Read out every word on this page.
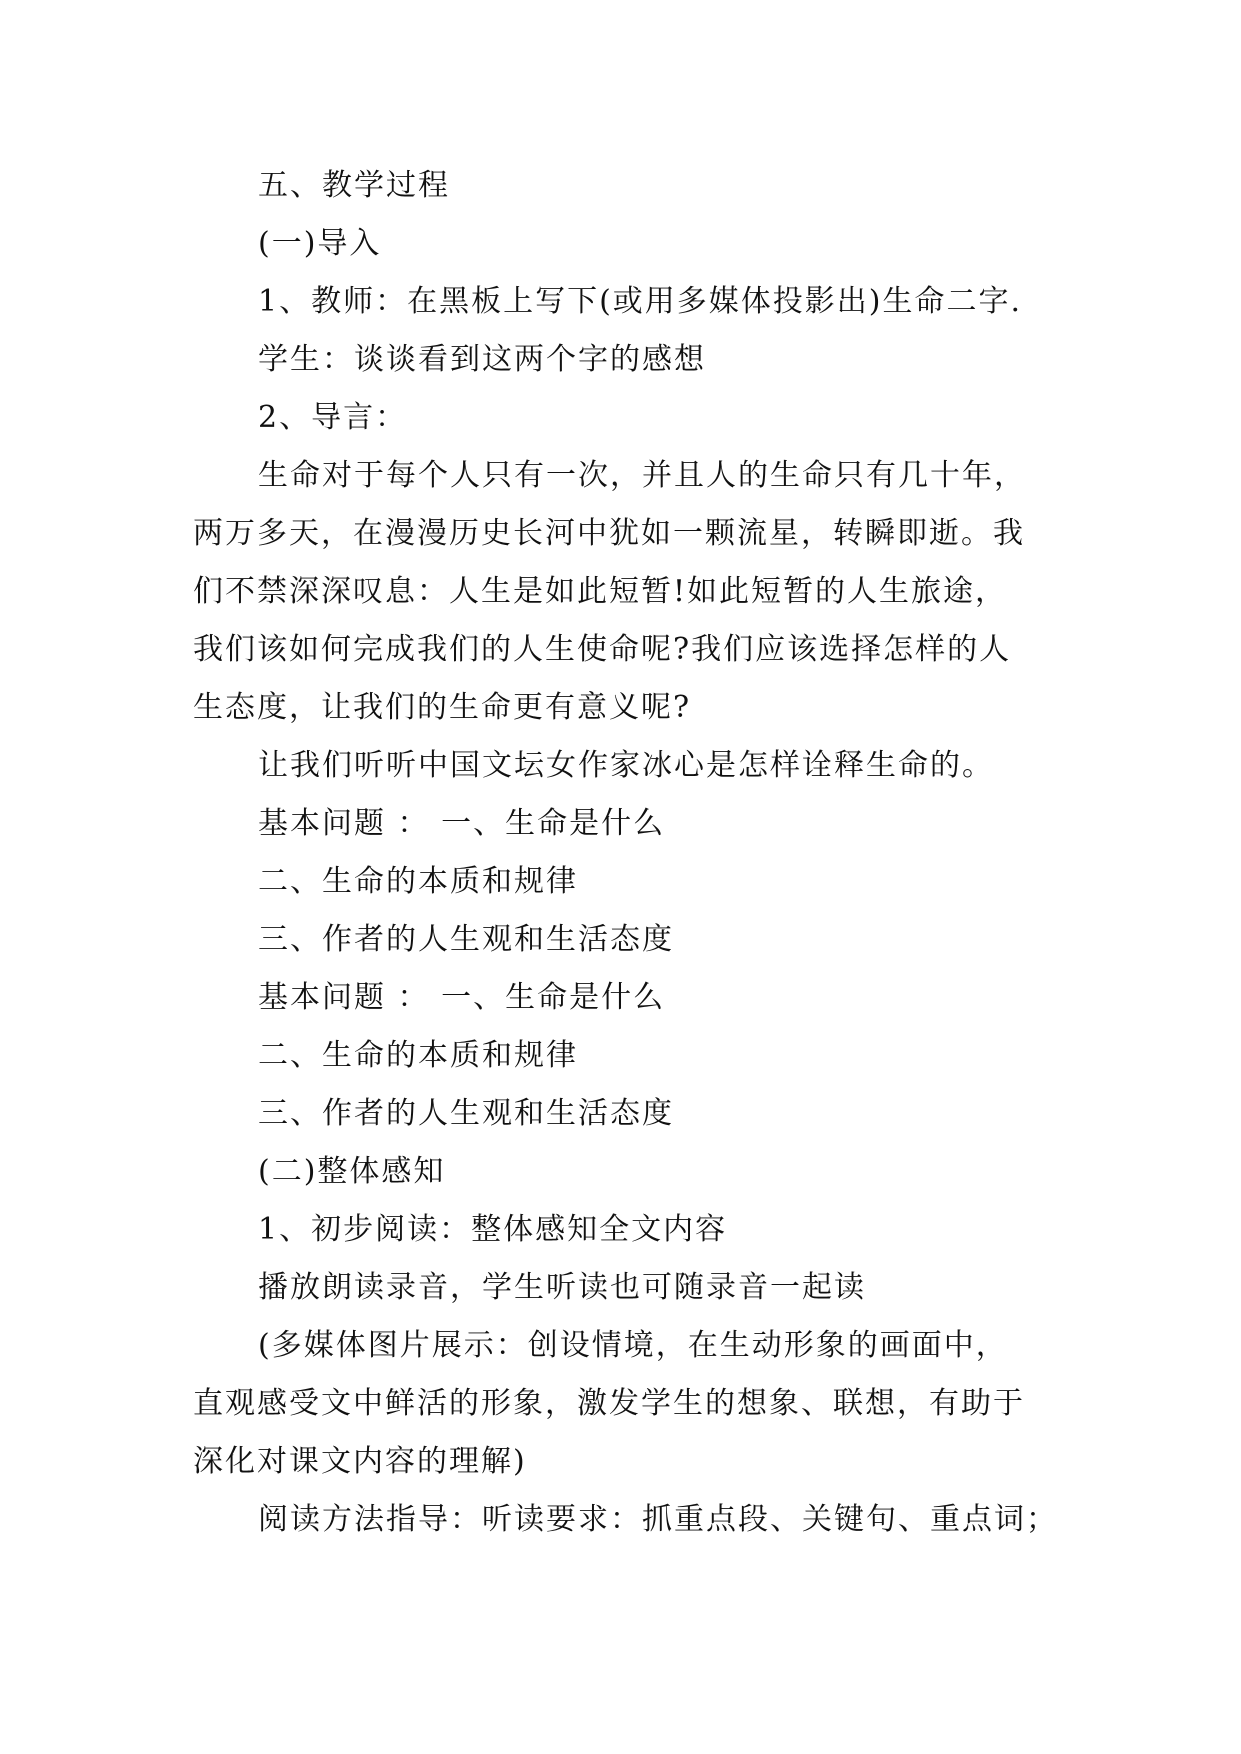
五、教学过程
(一)导入
1、教师：在黑板上写下(或用多媒体投影出)生命二字.
学生：谈谈看到这两个字的感想
2、导言：
生命对于每个人只有一次，并且人的生命只有几十年，
两万多天，在漫漫历史长河中犹如一颗流星，转瞬即逝。我
们不禁深深叹息：人生是如此短暂!如此短暂的人生旅途，
我们该如何完成我们的人生使命呢?我们应该选择怎样的人
生态度，让我们的生命更有意义呢?
让我们听听中国文坛女作家冰心是怎样诠释生命的。
基本问题 ： 一、生命是什么
二、生命的本质和规律
三、作者的人生观和生活态度
基本问题 ： 一、生命是什么
二、生命的本质和规律
三、作者的人生观和生活态度
(二)整体感知
1、初步阅读：整体感知全文内容
播放朗读录音，学生听读也可随录音一起读
(多媒体图片展示：创设情境，在生动形象的画面中，
直观感受文中鲜活的形象，激发学生的想象、联想，有助于
深化对课文内容的理解)
阅读方法指导：听读要求：抓重点段、关键句、重点词；
